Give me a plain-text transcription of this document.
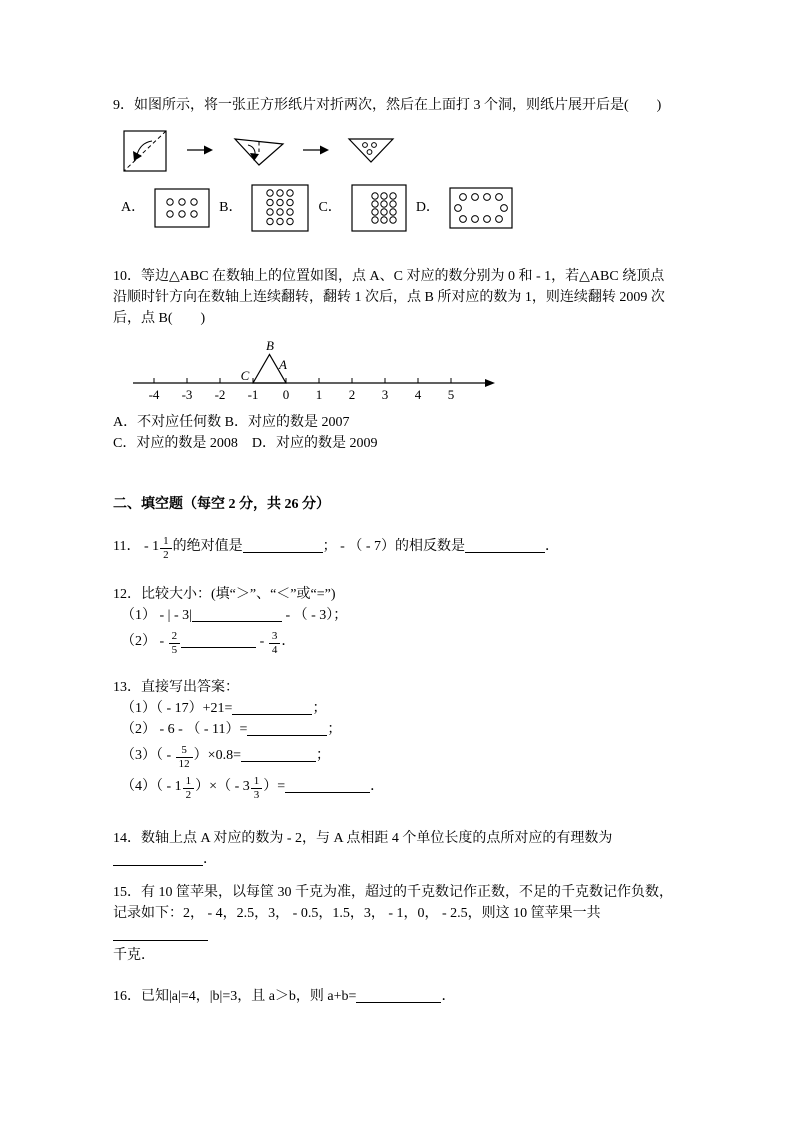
9．如图所示，将一张正方形纸片对折两次，然后在上面打 3 个洞，则纸片展开后是(　　)

A．	B．	C．	D．

10．等边△ABC 在数轴上的位置如图，点 A、C 对应的数分别为 0 和 - 1，若△ABC 绕顶点

沿顺时针方向在数轴上连续翻转，翻转 1 次后，点 B 所对应的数为 1，则连续翻转 2009 次

后，点 B(　　)

B
C
A
-4 -3 -2 -1 0 1 2 3 4 5

A．不对应任何数 B．对应的数是 2007

C．对应的数是 2008　D．对应的数是 2009

二、填空题（每空 2 分，共 26 分）

11． - $1 \frac{1}{2}$ 的绝对值是	； - （ - 7）的相反数是	．

12．比较大小：(填“＞”、“＜”或“=”)

（1） - | - 3|	- （ - 3）；

$(2) - \frac{2}{5}$	- $\frac{3}{4}$ ．

13．直接写出答案：

（1）（ - 17）+21=	；

（2） - 6 - （ - 11）=	；

$(3)( - \frac{5}{12} )\times 0.8=$	；

$(4)( - 1 \frac{1}{2}$ ）×（ - $3 \frac{1}{3}$ ）=	．

14．数轴上点 A 对应的数为 - 2，与 A 点相距 4 个单位长度的点所对应的有理数为

．

15．有 10 筐苹果，以每筐 30 千克为准，超过的千克数记作正数，不足的千克数记作负数，

记录如下：2， - 4，2.5，3， - 0.5，1.5，3， - 1，0， - 2.5，则这 10 筐苹果一共

千克．

16．已知|a|=4，|b|=3，且 a＞b，则 a+b=	．
